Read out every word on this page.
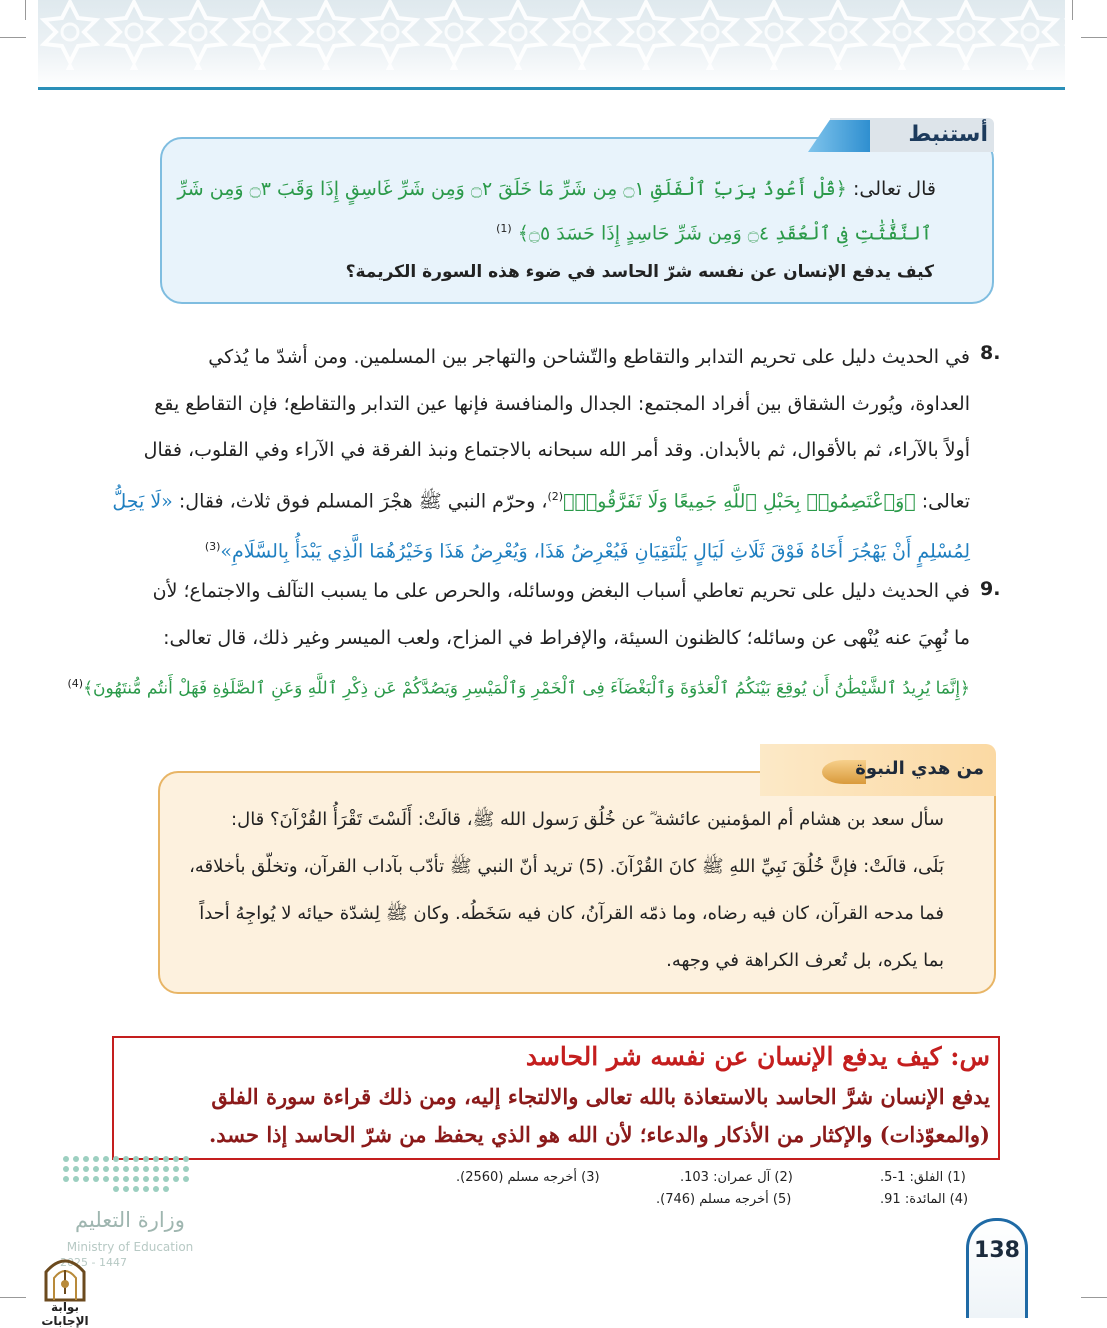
أستنبط
قال تعالى: ﴿قُلْ أَعُوذُ بِرَبِّ ٱلْفَلَقِ ۝١ مِن شَرِّ مَا خَلَقَ ۝٢ وَمِن شَرِّ غَاسِقٍ إِذَا وَقَبَ ۝٣ وَمِن شَرِّ
ٱلنَّفَّٰثَٰتِ فِى ٱلْعُقَدِ ۝٤ وَمِن شَرِّ حَاسِدٍ إِذَا حَسَدَ ۝٥﴾ $^{(1)}$
كيف يدفع الإنسان عن نفسه شرّ الحاسد في ضوء هذه السورة الكريمة؟
8.
في الحديث دليل على تحريم التدابر والتقاطع والتّشاحن والتهاجر بين المسلمين. ومن أشدّ ما يُذكي
العداوة، ويُورث الشقاق بين أفراد المجتمع: الجدال والمنافسة فإنها عين التدابر والتقاطع؛ فإن التقاطع يقع
أولاً بالآراء، ثم بالأقوال، ثم بالأبدان. وقد أمر الله سبحانه بالاجتماع ونبذ الفرقة في الآراء وفي القلوب، فقال
تعالى: ﴿وَٱعْتَصِمُوا۟ بِحَبْلِ ٱللَّهِ جَمِيعًا وَلَا تَفَرَّقُوا۟﴾$^{(2)}$، وحرّم النبي ﷺ هجْرَ المسلم فوق ثلاث، فقال: «لَا يَحِلُّ
لِمُسْلِمٍ أَنْ يَهْجُرَ أَخَاهُ فَوْقَ ثَلَاثِ لَيَالٍ يَلْتَقِيَانِ فَيُعْرِضُ هَذَا، وَيُعْرِضُ هَذَا وَخَيْرُهُمَا الَّذِي يَبْدَأُ بِالسَّلَامِ»$^{(3)}$
9.
في الحديث دليل على تحريم تعاطي أسباب البغض ووسائله، والحرص على ما يسبب التآلف والاجتماع؛ لأن
ما نُهِيَ عنه يُنْهى عن وسائله؛ كالظنون السيئة، والإفراط في المزاح، ولعب الميسر وغير ذلك، قال تعالى:
﴿إِنَّمَا يُرِيدُ ٱلشَّيْطَٰنُ أَن يُوقِعَ بَيْنَكُمُ ٱلْعَدَٰوَةَ وَٱلْبَغْضَآءَ فِى ٱلْخَمْرِ وَٱلْمَيْسِرِ وَيَصُدَّكُمْ عَن ذِكْرِ ٱللَّهِ وَعَنِ ٱلصَّلَوٰةِ فَهَلْ أَنتُم مُّنتَهُونَ﴾$^{(4)}$
من هدي النبوة
سأل سعد بن هشام أم المؤمنين عائشة ؓ عن خُلُق رَسول الله ﷺ، قالَتْ: أَلَسْتَ تَقْرَأُ القُرْآنَ؟ قال:
بَلَى، قالَتْ: فإنَّ خُلُقَ نَبِيِّ اللهِ ﷺ كانَ القُرْآنَ. (5) تريد أنّ النبي ﷺ تأدّب بآداب القرآن، وتخلّق بأخلاقه،
فما مدحه القرآن، كان فيه رضاه، وما ذمّه القرآنُ، كان فيه سَخَطُه. وكان ﷺ لِشدّة حيائه لا يُواجِهُ أحداً
بما يكره، بل تُعرف الكراهة في وجهه.
س: كيف يدفع الإنسان عن نفسه شر الحاسد
يدفع الإنسان شرَّ الحاسد بالاستعاذة بالله تعالى والالتجاء إليه، ومن ذلك قراءة سورة الفلق
(والمعوّذات) والإكثار من الأذكار والدعاء؛ لأن الله هو الذي يحفظ من شرّ الحاسد إذا حسد.
(1) الفلق: 1-5.
(2) آل عمران: 103.
(3) أخرجه مسلم (2560).
(4) المائدة: 91.
(5) أخرجه مسلم (746).
وزارة التعليم
Ministry of Education
2025 - 1447
بوابة الإجابات
138
